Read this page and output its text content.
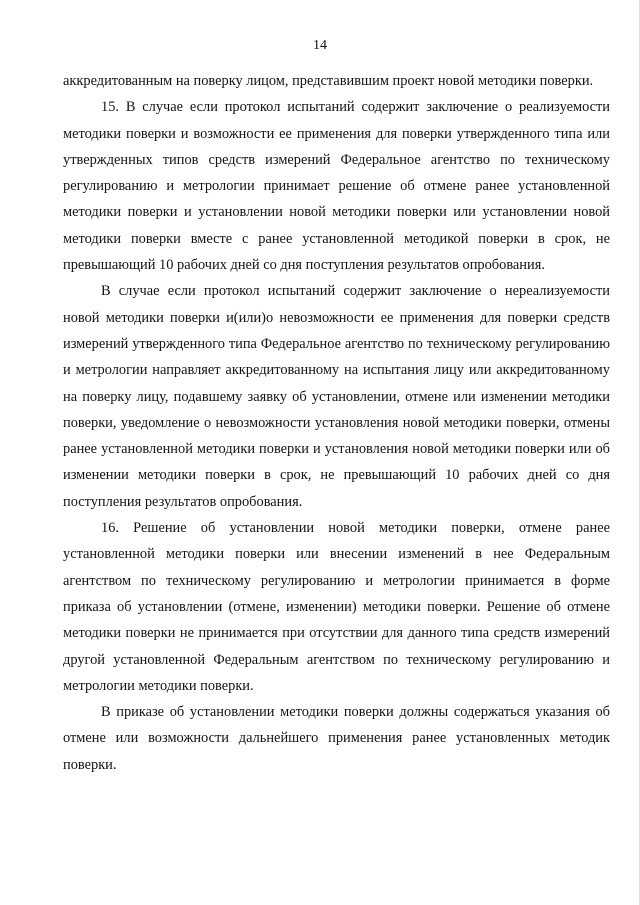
14

аккредитованным на поверку лицом, представившим проект новой методики поверки.

15. В случае если протокол испытаний содержит заключение о реализуемости методики поверки и возможности ее применения для поверки утвержденного типа или утвержденных типов средств измерений Федеральное агентство по техническому регулированию и метрологии принимает решение об отмене ранее установленной методики поверки и установлении новой методики поверки или установлении новой методики поверки вместе с ранее установленной методикой поверки в срок, не превышающий 10 рабочих дней со дня поступления результатов опробования.

В случае если протокол испытаний содержит заключение о нереализуемости новой методики поверки и(или)о невозможности ее применения для поверки средств измерений утвержденного типа Федеральное агентство по техническому регулированию и метрологии направляет аккредитованному на испытания лицу или аккредитованному на поверку лицу, подавшему заявку об установлении, отмене или изменении методики поверки, уведомление о невозможности установления новой методики поверки, отмены ранее установленной методики поверки и установления новой методики поверки или об изменении методики поверки в срок, не превышающий 10 рабочих дней со дня поступления результатов опробования.

16. Решение об установлении новой методики поверки, отмене ранее установленной методики поверки или внесении изменений в нее Федеральным агентством по техническому регулированию и метрологии принимается в форме приказа об установлении (отмене, изменении) методики поверки. Решение об отмене методики поверки не принимается при отсутствии для данного типа средств измерений другой установленной Федеральным агентством по техническому регулированию и метрологии методики поверки.

В приказе об установлении методики поверки должны содержаться указания об отмене или возможности дальнейшего применения ранее установленных методик поверки.
